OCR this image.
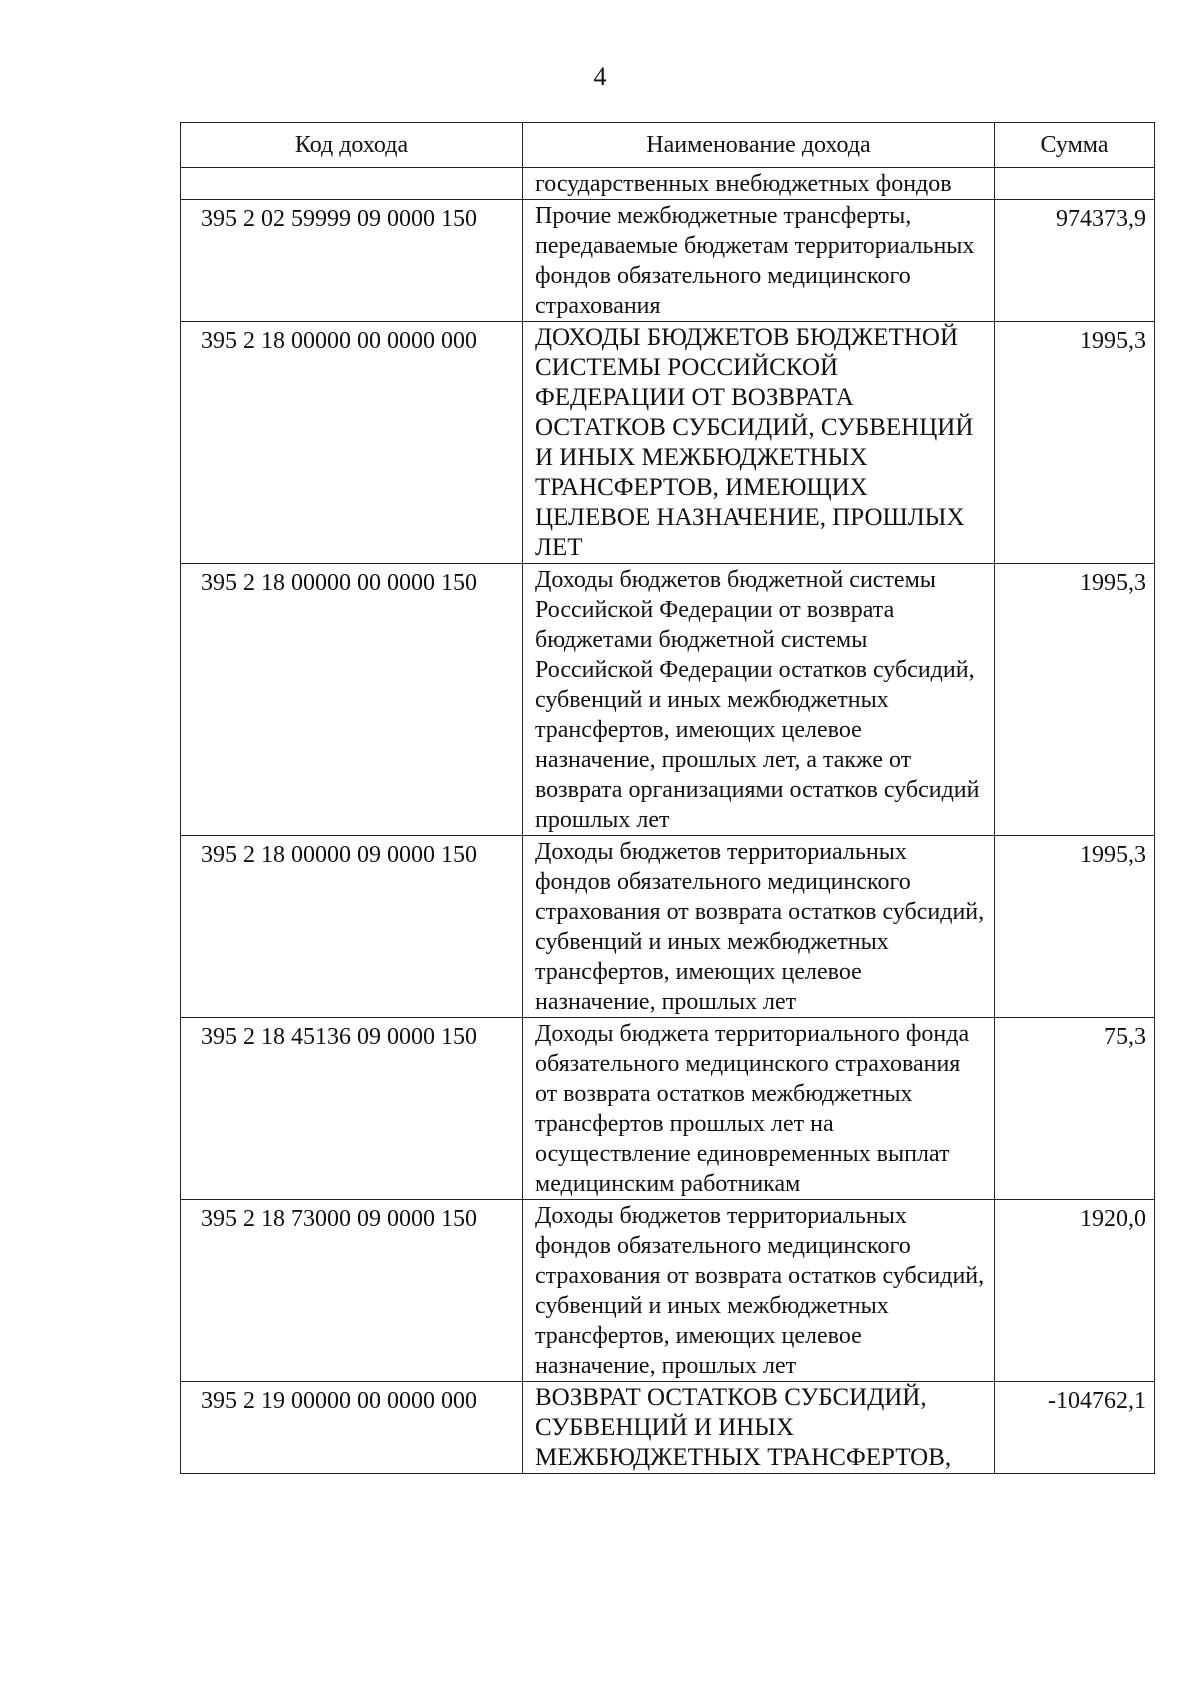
4
Код дохода	Наименование дохода	Сумма
	государственных внебюджетных фондов	
395 2 02 59999 09 0000 150	Прочие межбюджетные трансферты, передаваемые бюджетам территориальных фондов обязательного медицинского страхования	974373,9
395 2 18 00000 00 0000 000	ДОХОДЫ БЮДЖЕТОВ БЮДЖЕТНОЙ СИСТЕМЫ РОССИЙСКОЙ ФЕДЕРАЦИИ ОТ ВОЗВРАТА ОСТАТКОВ СУБСИДИЙ, СУБВЕНЦИЙ И ИНЫХ МЕЖБЮДЖЕТНЫХ ТРАНСФЕРТОВ, ИМЕЮЩИХ ЦЕЛЕВОЕ НАЗНАЧЕНИЕ, ПРОШЛЫХ ЛЕТ	1995,3
395 2 18 00000 00 0000 150	Доходы бюджетов бюджетной системы Российской Федерации от возврата бюджетами бюджетной системы Российской Федерации остатков субсидий, субвенций и иных межбюджетных трансфертов, имеющих целевое назначение, прошлых лет, а также от возврата организациями остатков субсидий прошлых лет	1995,3
395 2 18 00000 09 0000 150	Доходы бюджетов территориальных фондов обязательного медицинского страхования от возврата остатков субсидий, субвенций и иных межбюджетных трансфертов, имеющих целевое назначение, прошлых лет	1995,3
395 2 18 45136 09 0000 150	Доходы бюджета территориального фонда обязательного медицинского страхования от возврата остатков межбюджетных трансфертов прошлых лет на осуществление единовременных выплат медицинским работникам	75,3
395 2 18 73000 09 0000 150	Доходы бюджетов территориальных фондов обязательного медицинского страхования от возврата остатков субсидий, субвенций и иных межбюджетных трансфертов, имеющих целевое назначение, прошлых лет	1920,0
395 2 19 00000 00 0000 000	ВОЗВРАТ ОСТАТКОВ СУБСИДИЙ, СУБВЕНЦИЙ И ИНЫХ МЕЖБЮДЖЕТНЫХ ТРАНСФЕРТОВ,	-104762,1
